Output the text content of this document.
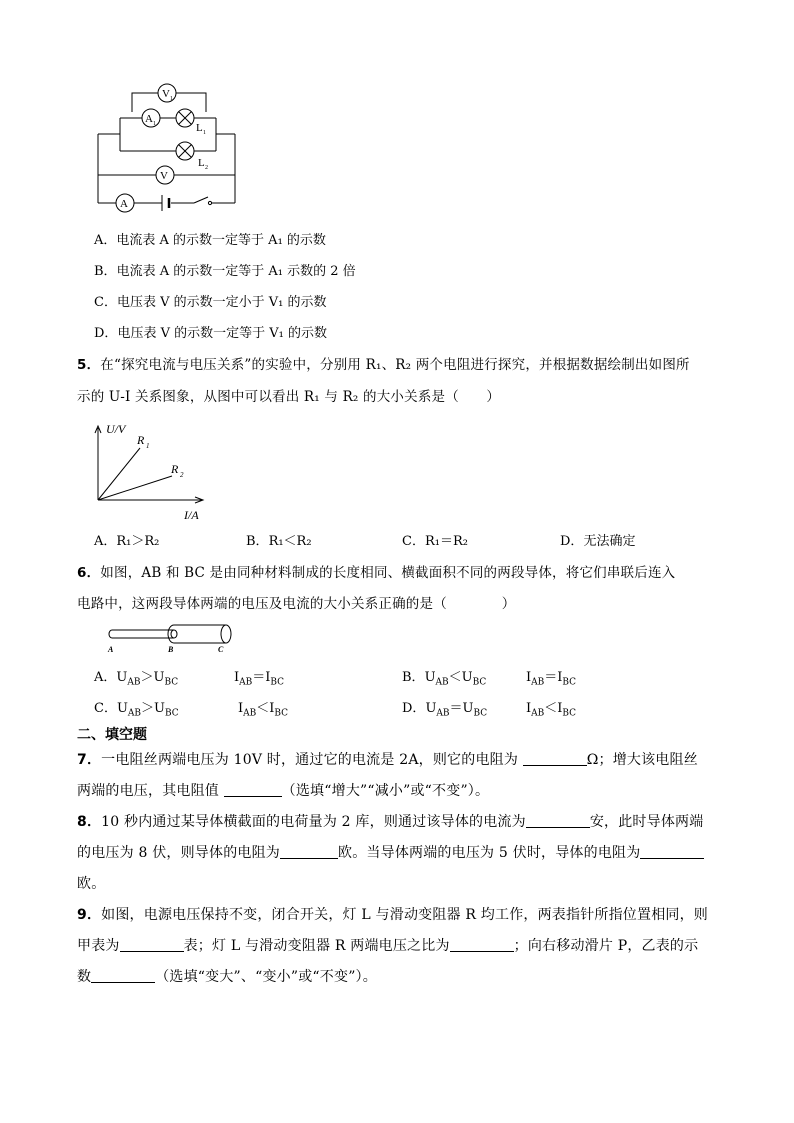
V 1
A 1	L 1
L 2
V
A
A．电流表 A 的示数一定等于 A₁ 的示数
B．电流表 A 的示数一定等于 A₁ 示数的 2 倍
C．电压表 V 的示数一定小于 V₁ 的示数
D．电压表 V 的示数一定等于 V₁ 的示数
5．在“探究电流与电压关系”的实验中，分别用 R₁、R₂ 两个电阻进行探究，并根据数据绘制出如图所
示的 U-I 关系图象，从图中可以看出 R₁ 与 R₂ 的大小关系是（　　）
U/V
I/A
R 1
R 2
A．R₁＞R₂	B．R₁＜R₂	C．R₁＝R₂	D．无法确定
6．如图，AB 和 BC 是由同种材料制成的长度相同、横截面积不同的两段导体，将它们串联后连入
电路中，这两段导体两端的电压及电流的大小关系正确的是（　　　　）
A	B	C
A．$U_{AB}>U_{BC}$	$I_{AB}=I_{BC}$	B．$U_{AB}<U_{BC}$	$I_{AB}=I_{BC}$
C．$U_{AB}>U_{BC}$	$I_{AB}<I_{BC}$	D．$U_{AB}=U_{BC}$	$I_{AB}<I_{BC}$
二、填空题
7．一电阻丝两端电压为 10V 时，通过它的电流是 2A，则它的电阻为	Ω；增大该电阻丝
两端的电压，其电阻值	（选填“增大”“减小”或“不变”）。
8．10 秒内通过某导体横截面的电荷量为 2 库，则通过该导体的电流为	安，此时导体两端
的电压为 8 伏，则导体的电阻为	欧。当导体两端的电压为 5 伏时，导体的电阻为
欧。
9．如图，电源电压保持不变，闭合开关，灯 L 与滑动变阻器 R 均工作，两表指针所指位置相同，则
甲表为	表；灯 L 与滑动变阻器 R 两端电压之比为	；向右移动滑片 P，乙表的示
数	（选填“变大”、“变小”或“不变”）。
